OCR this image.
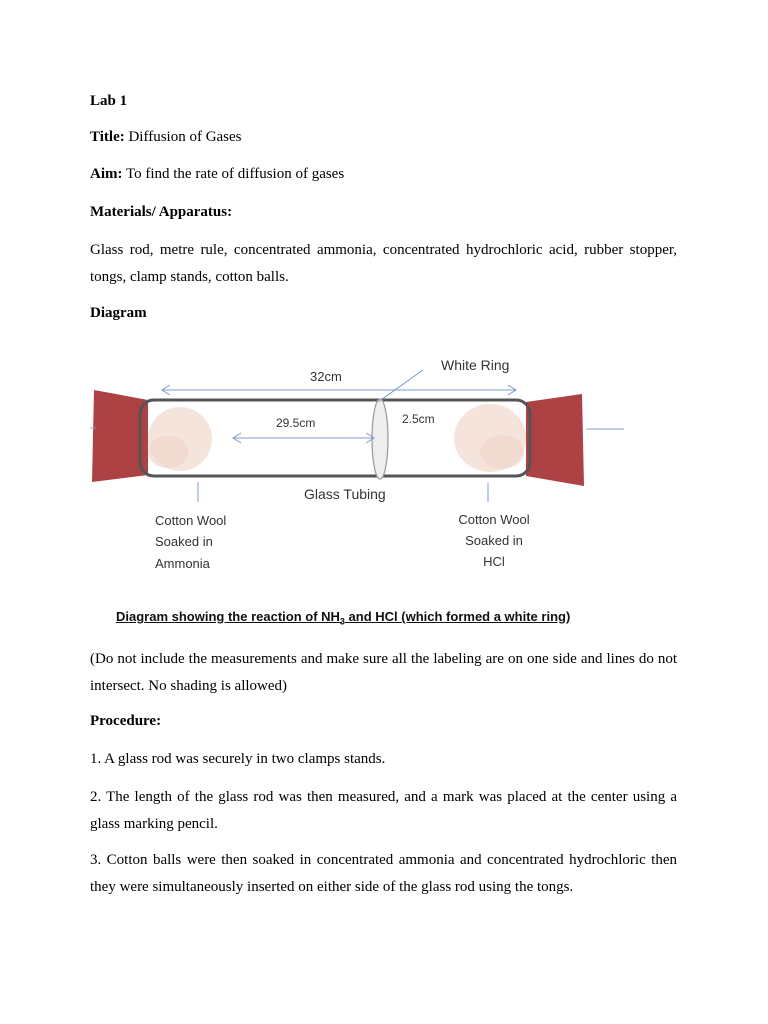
Lab 1
Title: Diffusion of Gases
Aim: To find the rate of diffusion of gases
Materials/ Apparatus:
Glass rod, metre rule, concentrated ammonia, concentrated hydrochloric acid, rubber stopper, tongs, clamp stands, cotton balls.
Diagram
32cm
White Ring
29.5cm	2.5cm
Glass Tubing
Cotton Wool
Soaked in
Ammonia
Cotton Wool
Soaked in
HCl
Diagram showing the reaction of $NH_3$ and HCl (which formed a white ring)
(Do not include the measurements and make sure all the labeling are on one side and lines do not intersect. No shading is allowed)
Procedure:
1. A glass rod was securely in two clamps stands.
2. The length of the glass rod was then measured, and a mark was placed at the center using a glass marking pencil.
3. Cotton balls were then soaked in concentrated ammonia and concentrated hydrochloric then they were simultaneously inserted on either side of the glass rod using the tongs.
